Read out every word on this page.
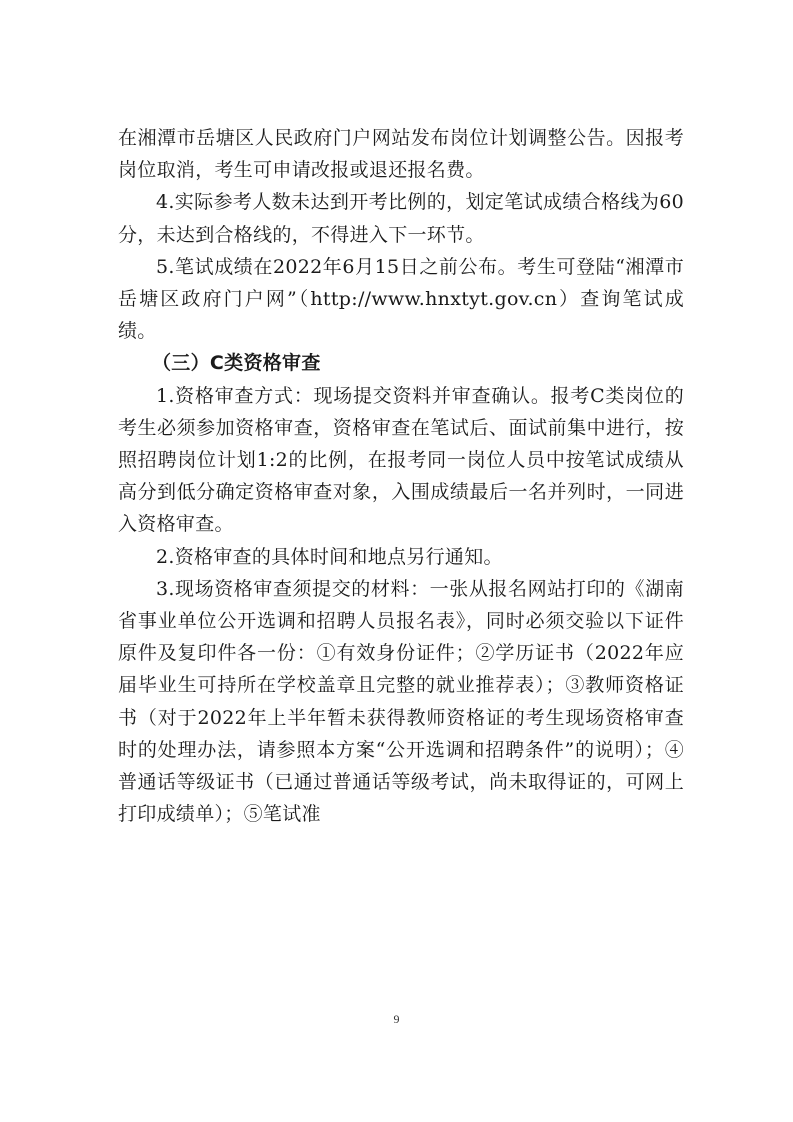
在湘潭市岳塘区人民政府门户网站发布岗位计划调整公告。因报考岗位取消，考生可申请改报或退还报名费。

4.实际参考人数未达到开考比例的，划定笔试成绩合格线为60分，未达到合格线的，不得进入下一环节。

5.笔试成绩在2022年6月15日之前公布。考生可登陆“湘潭市岳塘区政府门户网”（http://www.hnxtyt.gov.cn）查询笔试成绩。

（三）C类资格审查

1.资格审查方式：现场提交资料并审查确认。报考C类岗位的考生必须参加资格审查，资格审查在笔试后、面试前集中进行，按照招聘岗位计划1:2的比例，在报考同一岗位人员中按笔试成绩从高分到低分确定资格审查对象，入围成绩最后一名并列时，一同进入资格审查。

2.资格审查的具体时间和地点另行通知。

3.现场资格审查须提交的材料：一张从报名网站打印的《湖南省事业单位公开选调和招聘人员报名表》，同时必须交验以下证件原件及复印件各一份：①有效身份证件；②学历证书（2022年应届毕业生可持所在学校盖章且完整的就业推荐表）；③教师资格证书（对于2022年上半年暂未获得教师资格证的考生现场资格审查时的处理办法，请参照本方案“公开选调和招聘条件”的说明）；④普通话等级证书（已通过普通话等级考试，尚未取得证的，可网上打印成绩单）；⑤笔试准

9
